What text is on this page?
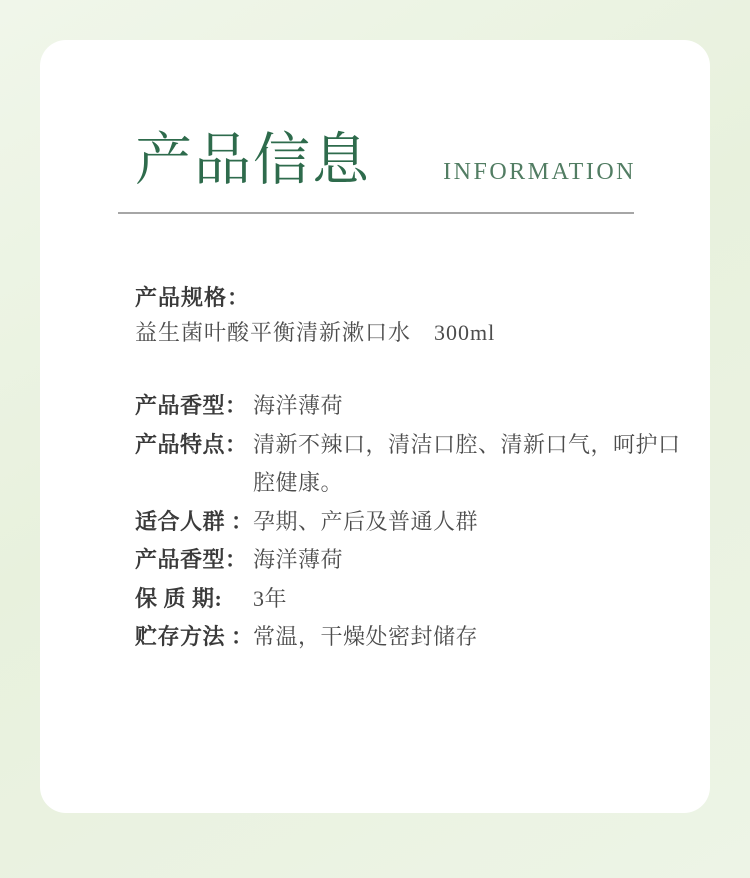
产品信息	INFORMATION
产品规格：
益生菌叶酸平衡清新漱口水　300ml
产品香型： 海洋薄荷
产品特点： 清新不辣口，清洁口腔、清新口气，呵护口腔健康。
适合人群 ： 孕期、产后及普通人群
产品香型： 海洋薄荷
保 质 期:	3年
贮存方法 ： 常温，干燥处密封储存
